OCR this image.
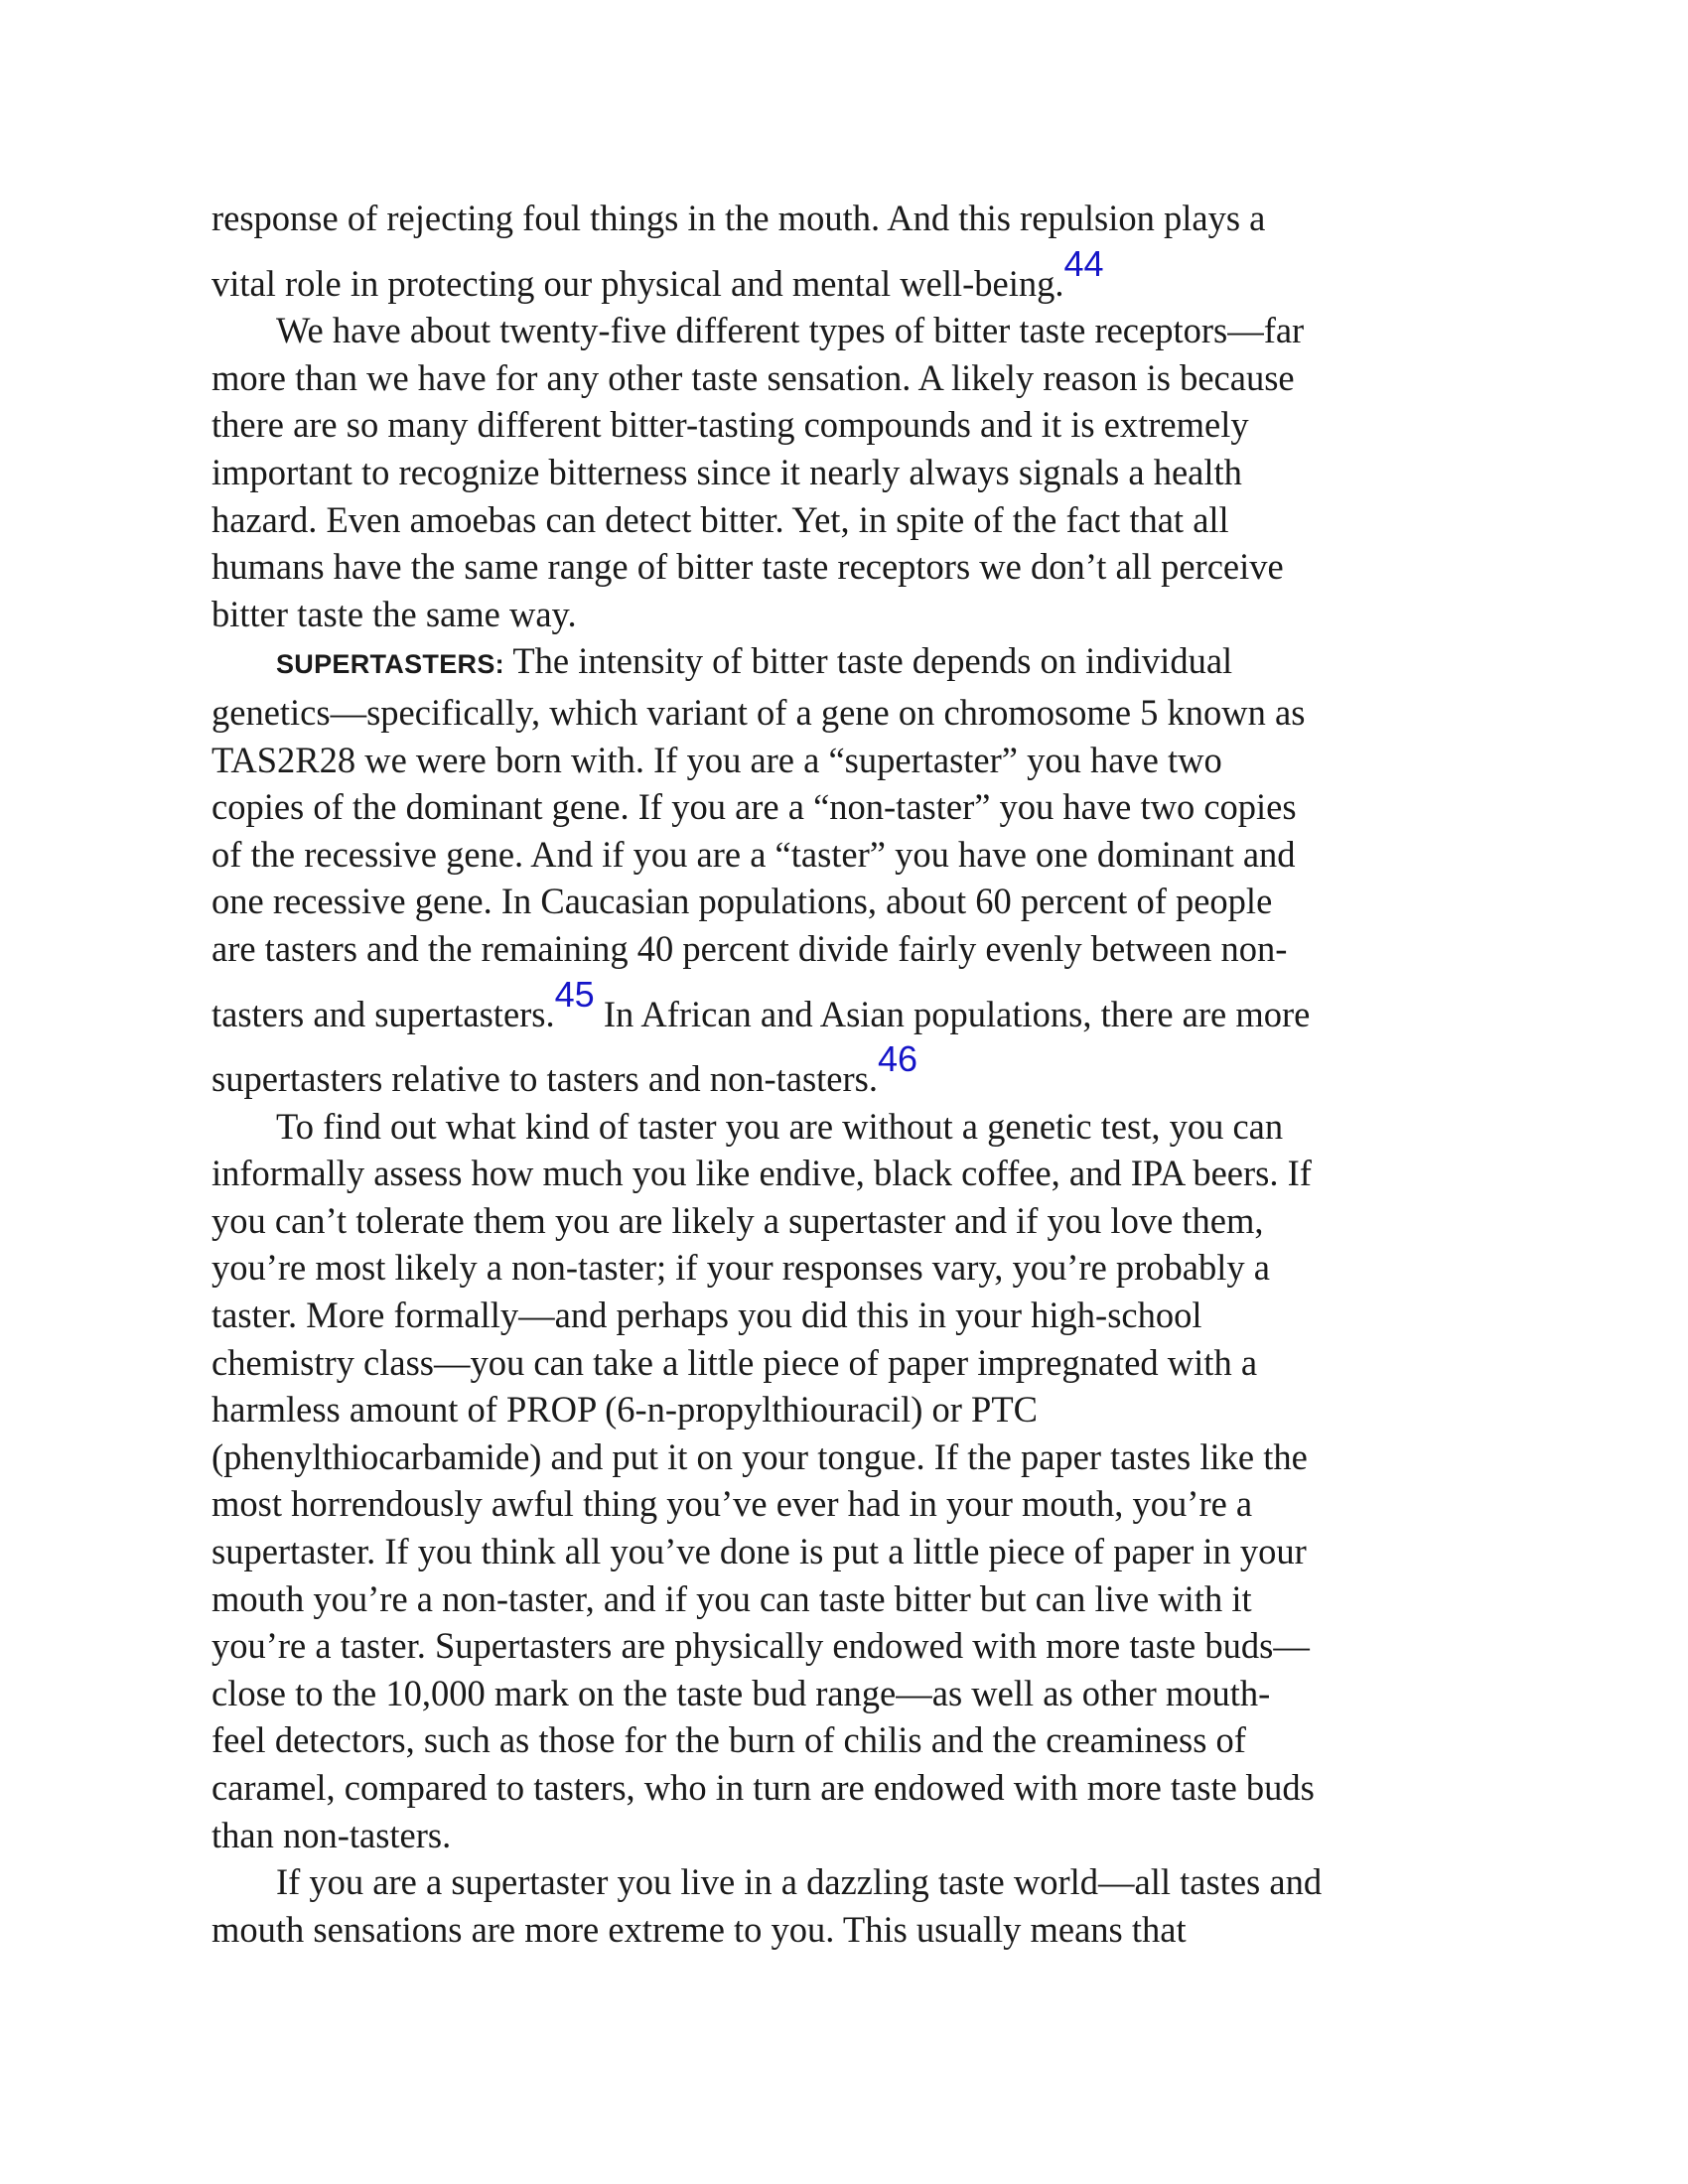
response of rejecting foul things in the mouth. And this repulsion plays a
vital role in protecting our physical and mental well-being.44
We have about twenty-five different types of bitter taste receptors—far
more than we have for any other taste sensation. A likely reason is because
there are so many different bitter-tasting compounds and it is extremely
important to recognize bitterness since it nearly always signals a health
hazard. Even amoebas can detect bitter. Yet, in spite of the fact that all
humans have the same range of bitter taste receptors we don’t all perceive
bitter taste the same way.
SUPERTASTERS: The intensity of bitter taste depends on individual
genetics—specifically, which variant of a gene on chromosome 5 known as
TAS2R28 we were born with. If you are a “supertaster” you have two
copies of the dominant gene. If you are a “non-taster” you have two copies
of the recessive gene. And if you are a “taster” you have one dominant and
one recessive gene. In Caucasian populations, about 60 percent of people
are tasters and the remaining 40 percent divide fairly evenly between non-
tasters and supertasters.45 In African and Asian populations, there are more
supertasters relative to tasters and non-tasters.46
To find out what kind of taster you are without a genetic test, you can
informally assess how much you like endive, black coffee, and IPA beers. If
you can’t tolerate them you are likely a supertaster and if you love them,
you’re most likely a non-taster; if your responses vary, you’re probably a
taster. More formally—and perhaps you did this in your high-school
chemistry class—you can take a little piece of paper impregnated with a
harmless amount of PROP (6-n-propylthiouracil) or PTC
(phenylthiocarbamide) and put it on your tongue. If the paper tastes like the
most horrendously awful thing you’ve ever had in your mouth, you’re a
supertaster. If you think all you’ve done is put a little piece of paper in your
mouth you’re a non-taster, and if you can taste bitter but can live with it
you’re a taster. Supertasters are physically endowed with more taste buds—
close to the 10,000 mark on the taste bud range—as well as other mouth-
feel detectors, such as those for the burn of chilis and the creaminess of
caramel, compared to tasters, who in turn are endowed with more taste buds
than non-tasters.
If you are a supertaster you live in a dazzling taste world—all tastes and
mouth sensations are more extreme to you. This usually means that
